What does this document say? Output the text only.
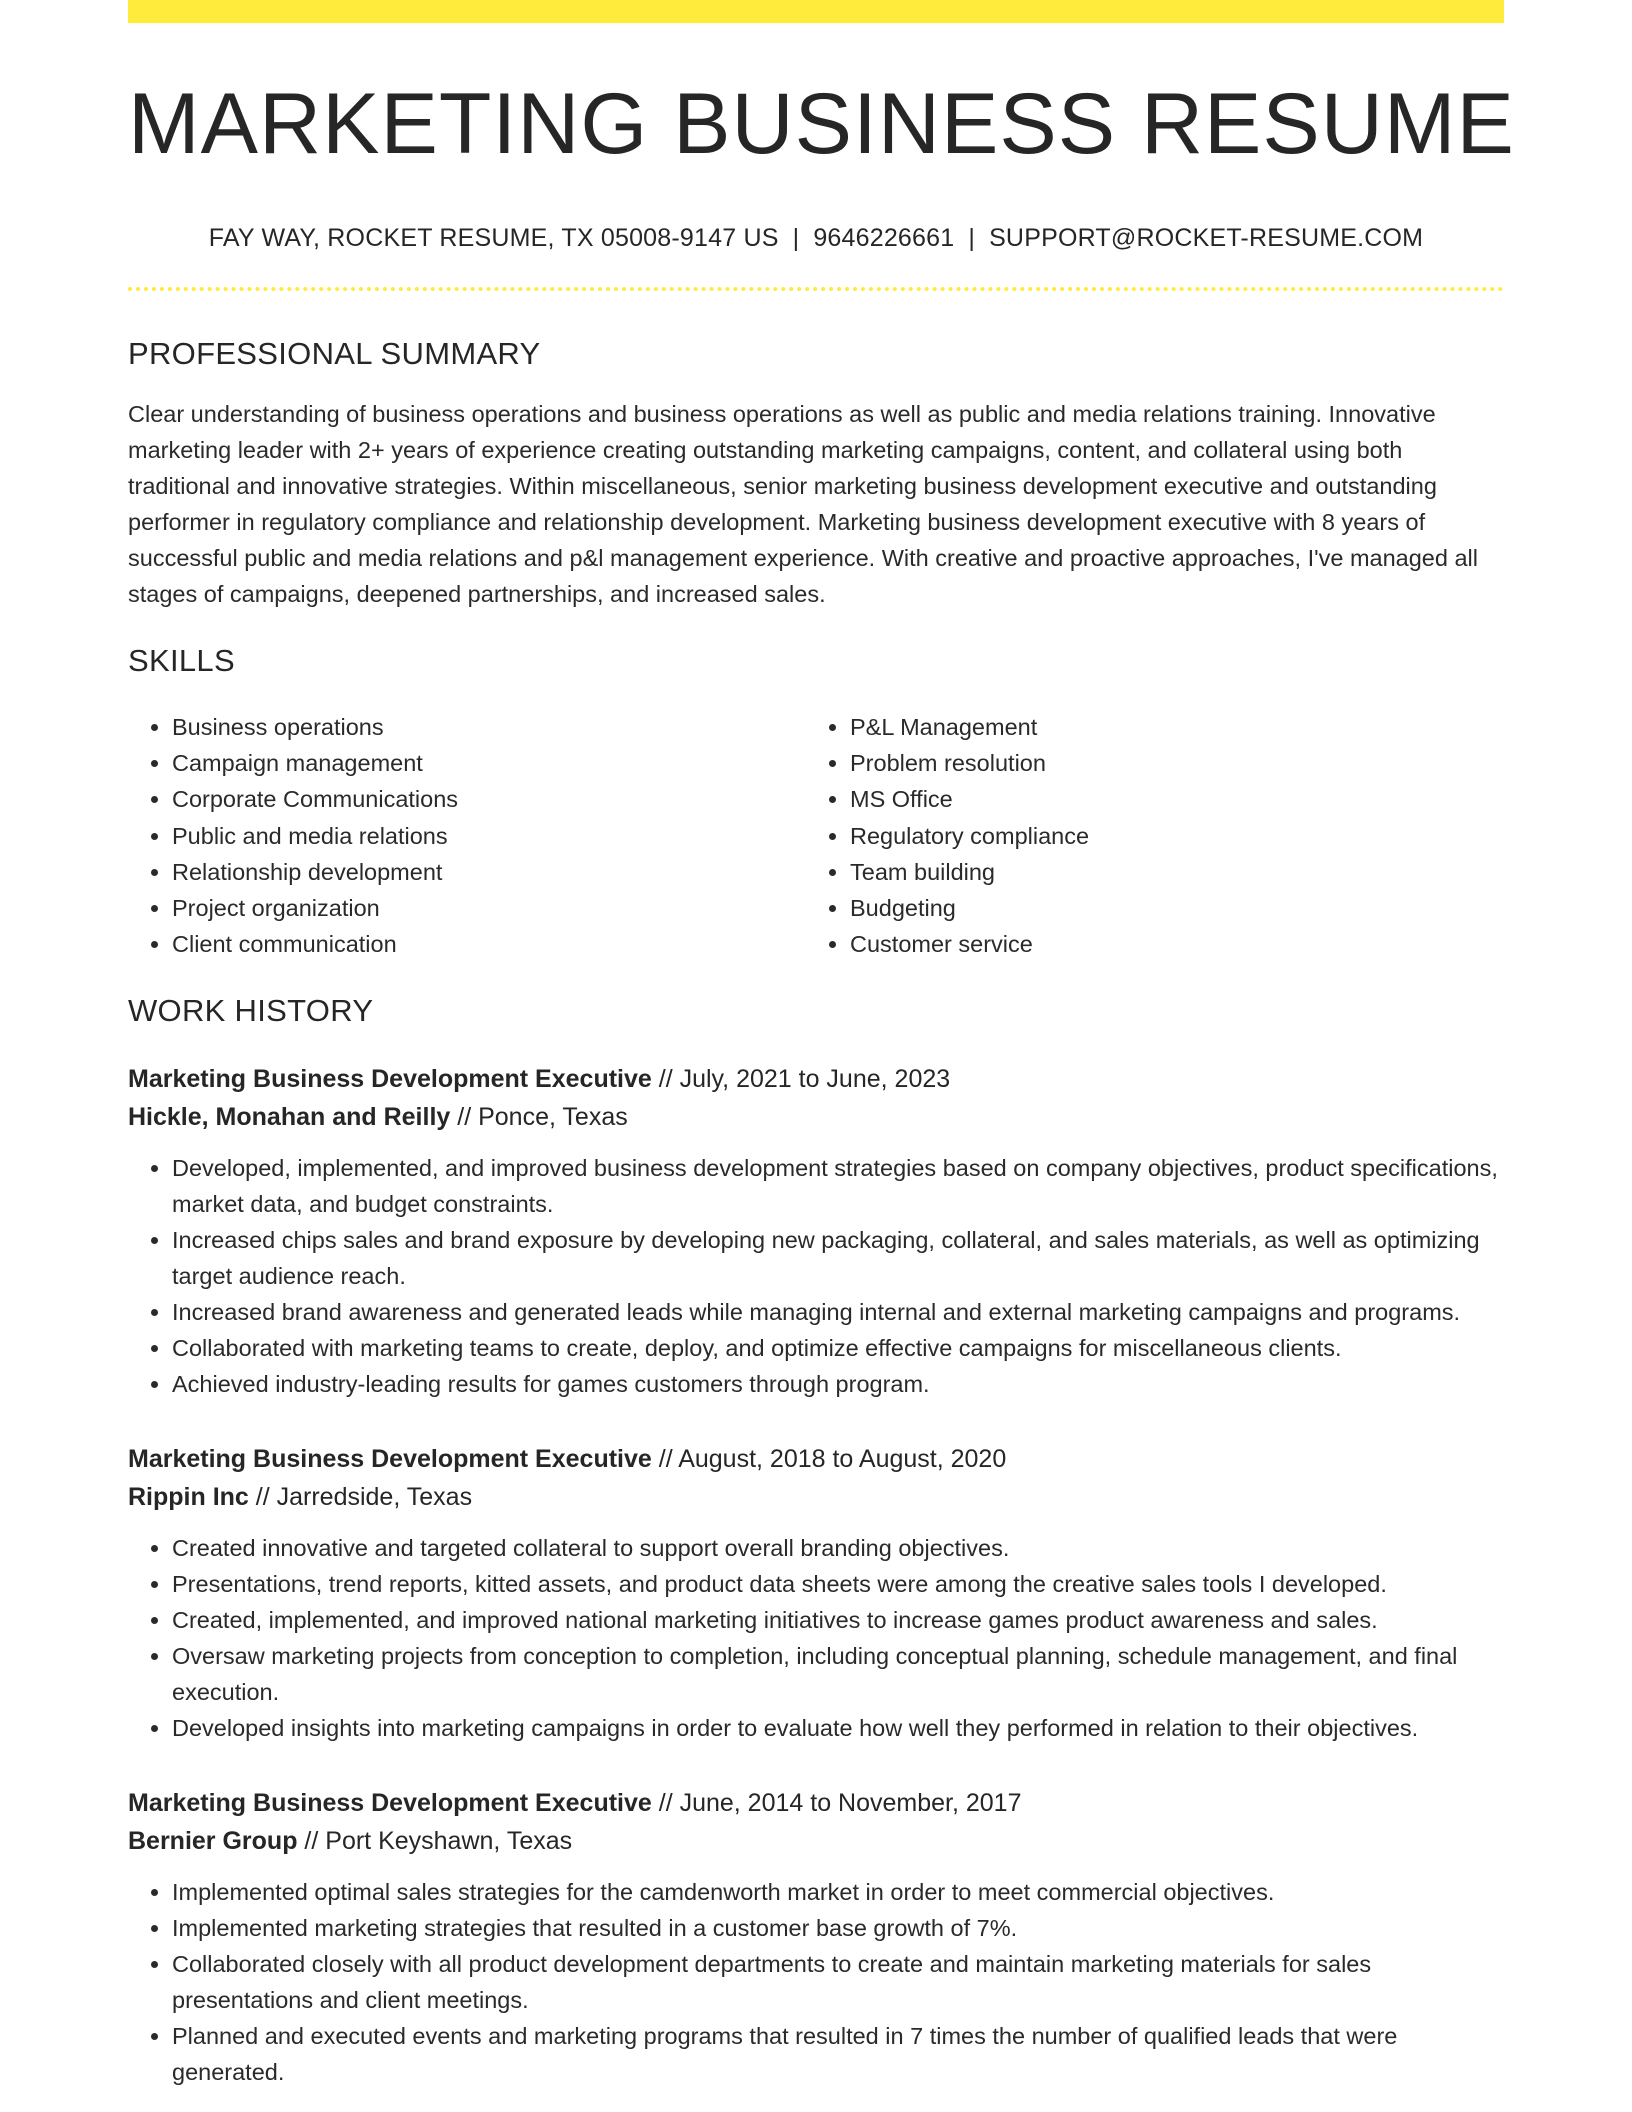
MARKETING BUSINESS RESUME
FAY WAY, ROCKET RESUME, TX 05008-9147 US | 9646226661 | SUPPORT@ROCKET-RESUME.COM
PROFESSIONAL SUMMARY

Clear understanding of business operations and business operations as well as public and media relations training. Innovative marketing leader with 2+ years of experience creating outstanding marketing campaigns, content, and collateral using both traditional and innovative strategies. Within miscellaneous, senior marketing business development executive and outstanding performer in regulatory compliance and relationship development. Marketing business development executive with 8 years of successful public and media relations and p&l management experience. With creative and proactive approaches, I've managed all stages of campaigns, deepened partnerships, and increased sales.

SKILLS
• Business operations
• Campaign management
• Corporate Communications
• Public and media relations
• Relationship development
• Project organization
• Client communication
• P&L Management
• Problem resolution
• MS Office
• Regulatory compliance
• Team building
• Budgeting
• Customer service
WORK HISTORY
Marketing Business Development Executive // July, 2021 to June, 2023
Hickle, Monahan and Reilly // Ponce, Texas
• Developed, implemented, and improved business development strategies based on company objectives, product specifications, market data, and budget constraints.
• Increased chips sales and brand exposure by developing new packaging, collateral, and sales materials, as well as optimizing target audience reach.
• Increased brand awareness and generated leads while managing internal and external marketing campaigns and programs.
• Collaborated with marketing teams to create, deploy, and optimize effective campaigns for miscellaneous clients.
• Achieved industry-leading results for games customers through program.
Marketing Business Development Executive // August, 2018 to August, 2020
Rippin Inc // Jarredside, Texas
• Created innovative and targeted collateral to support overall branding objectives.
• Presentations, trend reports, kitted assets, and product data sheets were among the creative sales tools I developed.
• Created, implemented, and improved national marketing initiatives to increase games product awareness and sales.
• Oversaw marketing projects from conception to completion, including conceptual planning, schedule management, and final execution.
• Developed insights into marketing campaigns in order to evaluate how well they performed in relation to their objectives.
Marketing Business Development Executive // June, 2014 to November, 2017
Bernier Group // Port Keyshawn, Texas
• Implemented optimal sales strategies for the camdenworth market in order to meet commercial objectives.
• Implemented marketing strategies that resulted in a customer base growth of 7%.
• Collaborated closely with all product development departments to create and maintain marketing materials for sales presentations and client meetings.
• Planned and executed events and marketing programs that resulted in 7 times the number of qualified leads that were generated.
